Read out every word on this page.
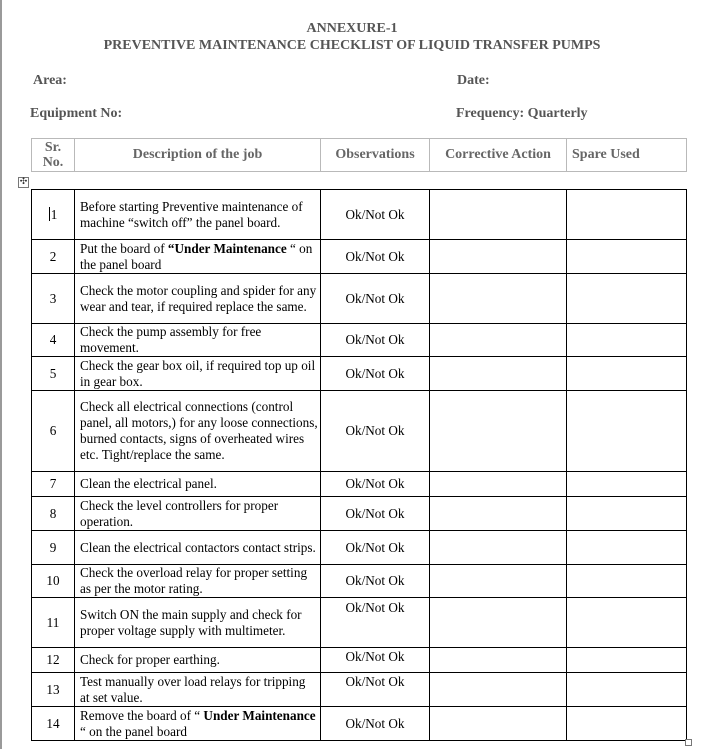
ANNEXURE-1
PREVENTIVE MAINTENANCE CHECKLIST OF LIQUID TRANSFER PUMPS
Area:	Date:
Equipment No:	Frequency: Quarterly
Sr. No.	Description of the job	Observations	Corrective Action	Spare Used
✣
1	Before starting Preventive maintenance of machine “switch off” the panel board.	Ok/Not Ok		
2	Put the board of “Under Maintenance “ on the panel board	Ok/Not Ok		
3	Check the motor coupling and spider for any wear and tear, if required replace the same.	Ok/Not Ok		
4	Check the pump assembly for free movement.	Ok/Not Ok		
5	Check the gear box oil, if required top up oil in gear box.	Ok/Not Ok		
6	Check all electrical connections (control panel, all motors,) for any loose connections, burned contacts, signs of overheated wires etc. Tight/replace the same.	Ok/Not Ok		
7	Clean the electrical panel.	Ok/Not Ok		
8	Check the level controllers for proper operation.	Ok/Not Ok		
9	Clean the electrical contactors contact strips.	Ok/Not Ok		
10	Check the overload relay for proper setting as per the motor rating.	Ok/Not Ok		
11	Switch ON the main supply and check for proper voltage supply with multimeter.	Ok/Not Ok		
12	Check for proper earthing.	Ok/Not Ok		
13	Test manually over load relays for tripping at set value.	Ok/Not Ok		
14	Remove the board of “ Under Maintenance “ on the panel board	Ok/Not Ok		
